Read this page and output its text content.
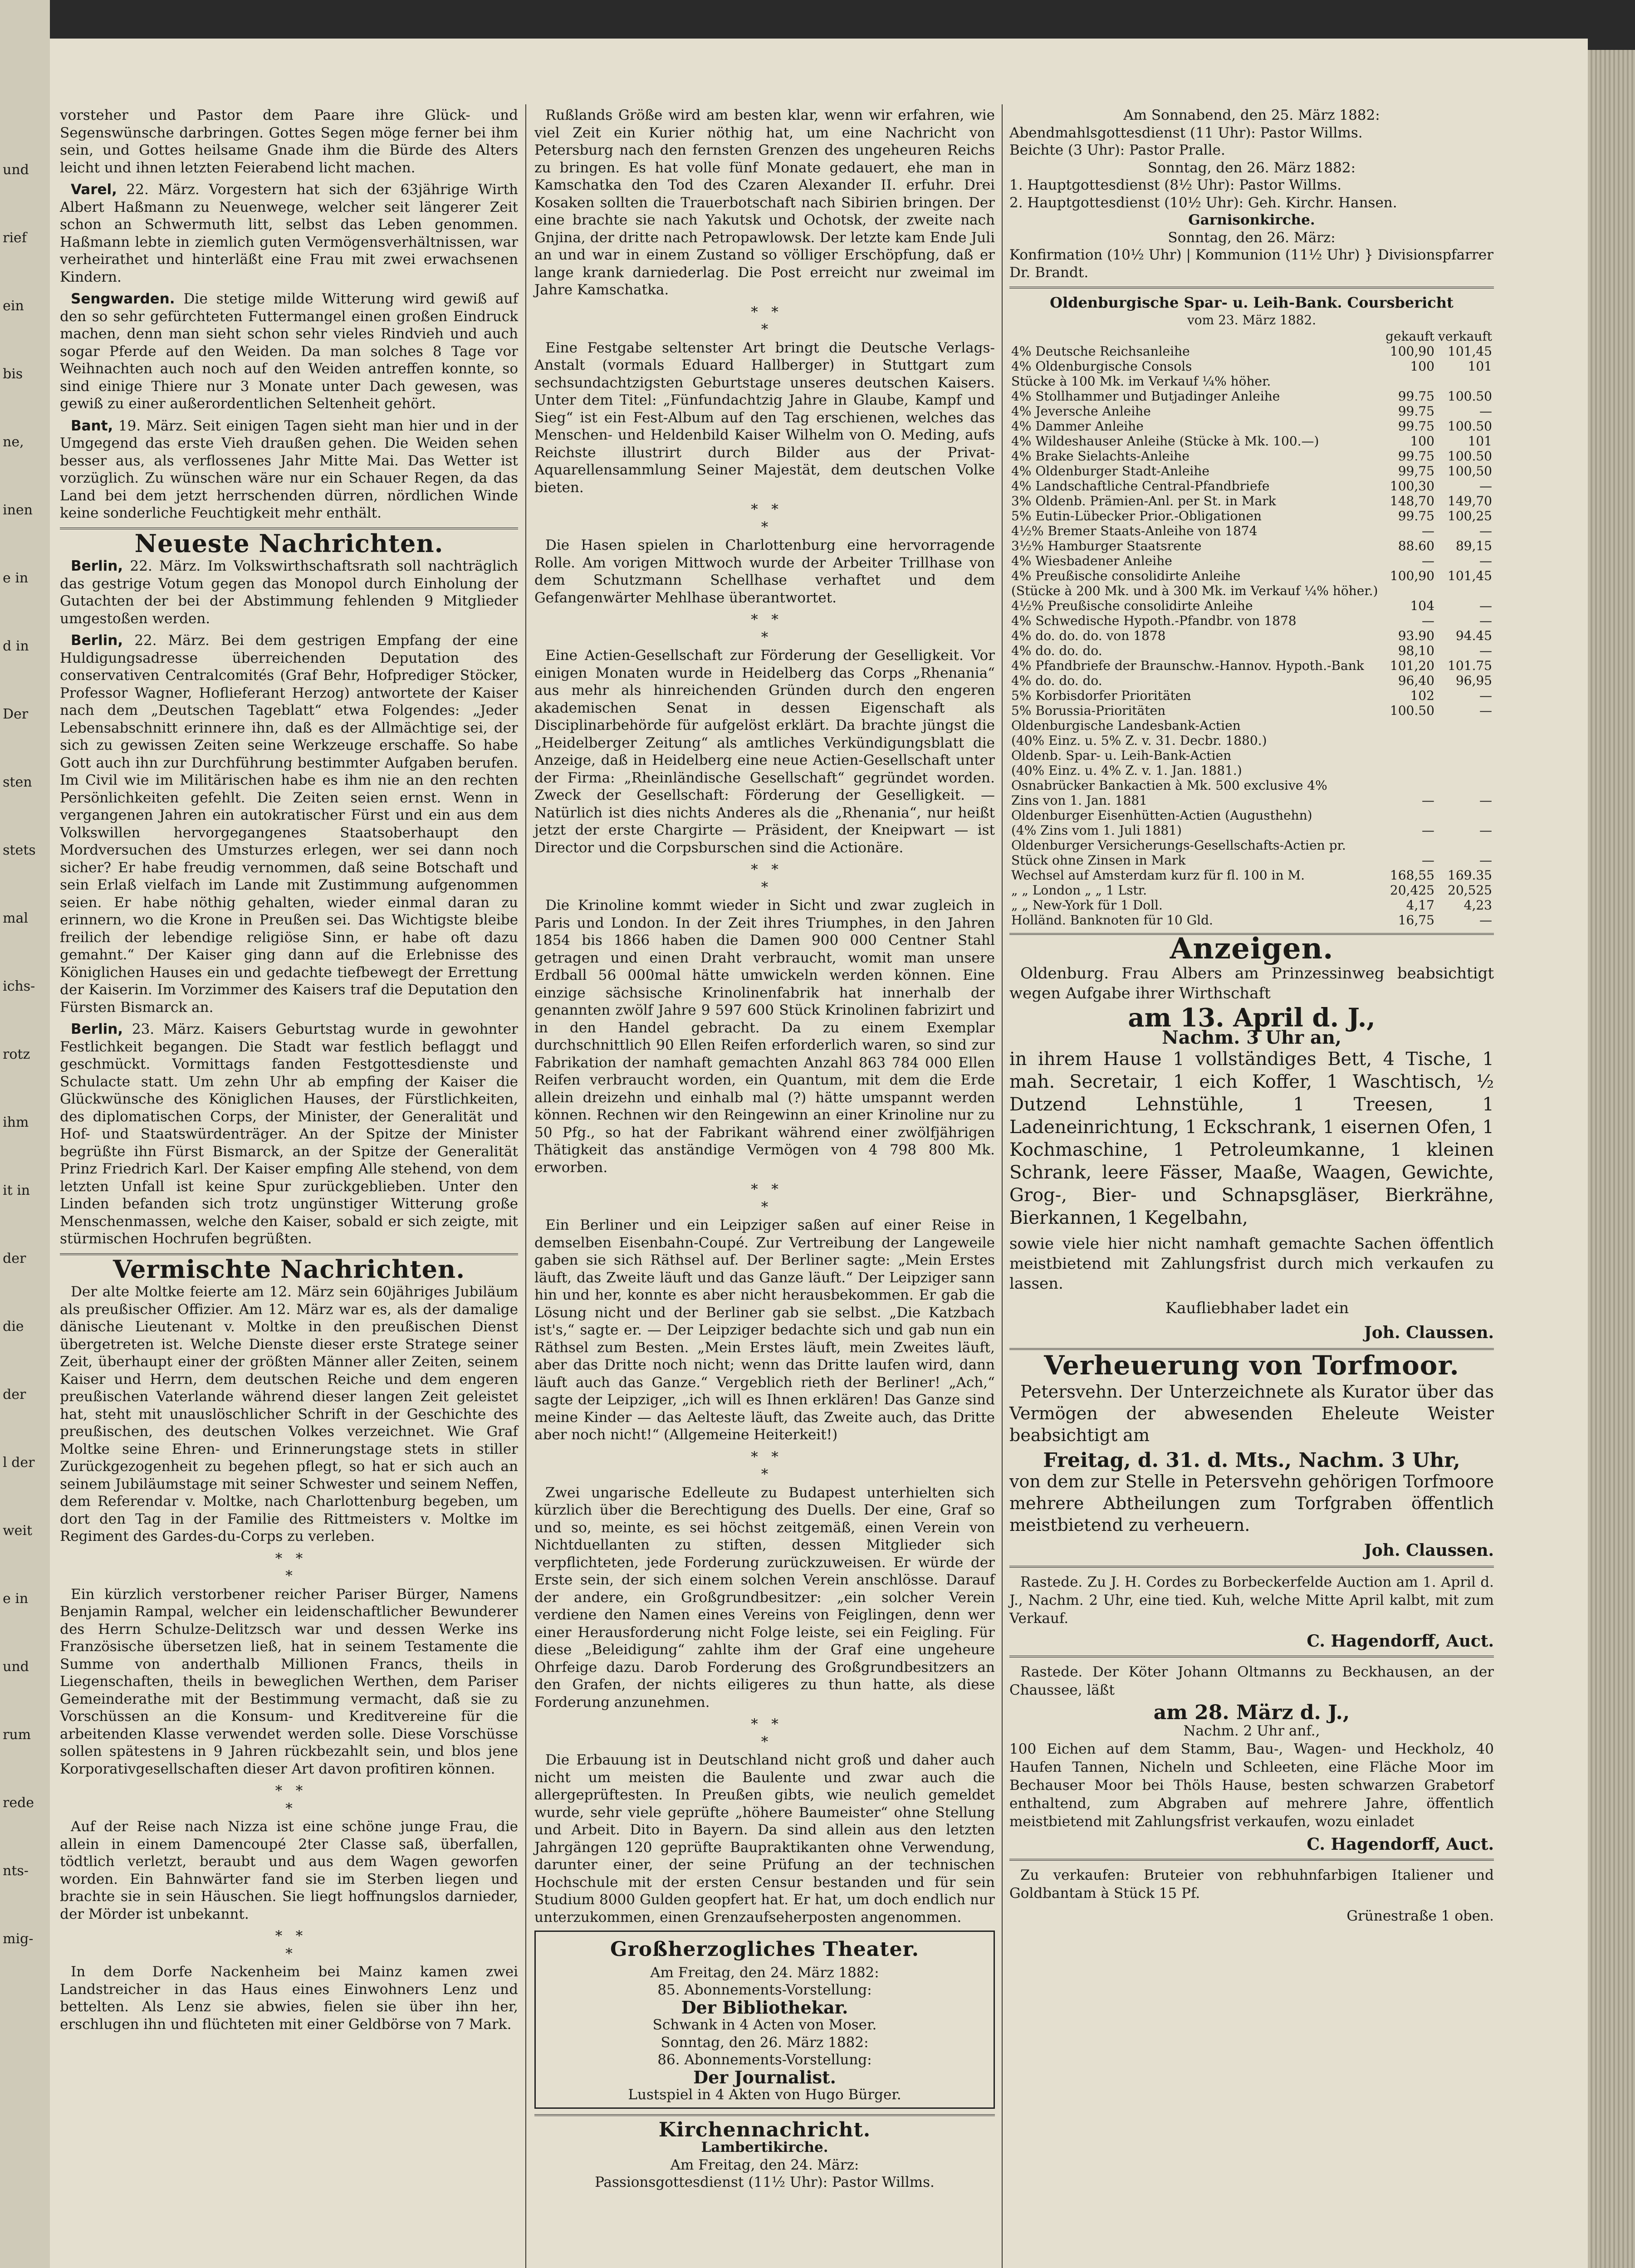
und

rief

ein

bis

ne,

inen

e in

d in

Der

sten

stets

mal

ichs-

rotz

ihm

it in

der

die

der

l der

weit

e in

und

rum

rede

nts-

mig-

vorsteher und Pastor dem Paare ihre Glück- und Segenswünsche darbringen. Gottes Segen möge ferner bei ihm sein, und Gottes heilsame Gnade ihm die Bürde des Alters leicht und ihnen letzten Feierabend licht machen.

Varel, 22. März. Vorgestern hat sich der 63jährige Wirth Albert Haßmann zu Neuenwege, welcher seit längerer Zeit schon an Schwermuth litt, selbst das Leben genommen. Haßmann lebte in ziemlich guten Vermögensverhältnissen, war verheirathet und hinterläßt eine Frau mit zwei erwachsenen Kindern.

Sengwarden. Die stetige milde Witterung wird gewiß auf den so sehr gefürchteten Futtermangel einen großen Eindruck machen, denn man sieht schon sehr vieles Rindvieh und auch sogar Pferde auf den Weiden. Da man solches 8 Tage vor Weihnachten auch noch auf den Weiden antreffen konnte, so sind einige Thiere nur 3 Monate unter Dach gewesen, was gewiß zu einer außerordentlichen Seltenheit gehört.

Bant, 19. März. Seit einigen Tagen sieht man hier und in der Umgegend das erste Vieh draußen gehen. Die Weiden sehen besser aus, als verflossenes Jahr Mitte Mai. Das Wetter ist vorzüglich. Zu wünschen wäre nur ein Schauer Regen, da das Land bei dem jetzt herrschenden dürren, nördlichen Winde keine sonderliche Feuchtigkeit mehr enthält.

Neueste Nachrichten.

Berlin, 22. März. Im Volkswirthschaftsrath soll nachträglich das gestrige Votum gegen das Monopol durch Einholung der Gutachten der bei der Abstimmung fehlenden 9 Mitglieder umgestoßen werden.

Berlin, 22. März. Bei dem gestrigen Empfang der eine Huldigungsadresse überreichenden Deputation des conservativen Centralcomités (Graf Behr, Hofprediger Stöcker, Professor Wagner, Hoflieferant Herzog) antwortete der Kaiser nach dem „Deutschen Tageblatt“ etwa Folgendes: „Jeder Lebensabschnitt erinnere ihn, daß es der Allmächtige sei, der sich zu gewissen Zeiten seine Werkzeuge erschaffe. So habe Gott auch ihn zur Durchführung bestimmter Aufgaben berufen. Im Civil wie im Militärischen habe es ihm nie an den rechten Persönlichkeiten gefehlt. Die Zeiten seien ernst. Wenn in vergangenen Jahren ein autokratischer Fürst und ein aus dem Volkswillen hervorgegangenes Staatsoberhaupt den Mordversuchen des Umsturzes erlegen, wer sei dann noch sicher? Er habe freudig vernommen, daß seine Botschaft und sein Erlaß vielfach im Lande mit Zustimmung aufgenommen seien. Er habe nöthig gehalten, wieder einmal daran zu erinnern, wo die Krone in Preußen sei. Das Wichtigste bleibe freilich der lebendige religiöse Sinn, er habe oft dazu gemahnt.“ Der Kaiser ging dann auf die Erlebnisse des Königlichen Hauses ein und gedachte tiefbewegt der Errettung der Kaiserin. Im Vorzimmer des Kaisers traf die Deputation den Fürsten Bismarck an.

Berlin, 23. März. Kaisers Geburtstag wurde in gewohnter Festlichkeit begangen. Die Stadt war festlich beflaggt und geschmückt. Vormittags fanden Festgottesdienste und Schulacte statt. Um zehn Uhr ab empfing der Kaiser die Glückwünsche des Königlichen Hauses, der Fürstlichkeiten, des diplomatischen Corps, der Minister, der Generalität und Hof- und Staatswürdenträger. An der Spitze der Minister begrüßte ihn Fürst Bismarck, an der Spitze der Generalität Prinz Friedrich Karl. Der Kaiser empfing Alle stehend, von dem letzten Unfall ist keine Spur zurückgeblieben. Unter den Linden befanden sich trotz ungünstiger Witterung große Menschenmassen, welche den Kaiser, sobald er sich zeigte, mit stürmischen Hochrufen begrüßten.

Vermischte Nachrichten.

Der alte Moltke feierte am 12. März sein 60jähriges Jubiläum als preußischer Offizier. Am 12. März war es, als der damalige dänische Lieutenant v. Moltke in den preußischen Dienst übergetreten ist. Welche Dienste dieser erste Stratege seiner Zeit, überhaupt einer der größten Männer aller Zeiten, seinem Kaiser und Herrn, dem deutschen Reiche und dem engeren preußischen Vaterlande während dieser langen Zeit geleistet hat, steht mit unauslöschlicher Schrift in der Geschichte des preußischen, des deutschen Volkes verzeichnet. Wie Graf Moltke seine Ehren- und Erinnerungstage stets in stiller Zurückgezogenheit zu begehen pflegt, so hat er sich auch an seinem Jubiläumstage mit seiner Schwester und seinem Neffen, dem Referendar v. Moltke, nach Charlottenburg begeben, um dort den Tag in der Familie des Rittmeisters v. Moltke im Regiment des Gardes-du-Corps zu verleben.

*   *
*

Ein kürzlich verstorbener reicher Pariser Bürger, Namens Benjamin Rampal, welcher ein leidenschaftlicher Bewunderer des Herrn Schulze-Delitzsch war und dessen Werke ins Französische übersetzen ließ, hat in seinem Testamente die Summe von anderthalb Millionen Francs, theils in Liegenschaften, theils in beweglichen Werthen, dem Pariser Gemeinderathe mit der Bestimmung vermacht, daß sie zu Vorschüssen an die Konsum- und Kreditvereine für die arbeitenden Klasse verwendet werden solle. Diese Vorschüsse sollen spätestens in 9 Jahren rückbezahlt sein, und blos jene Korporativgesellschaften dieser Art davon profitiren können.

*   *
*

Auf der Reise nach Nizza ist eine schöne junge Frau, die allein in einem Damencoupé 2ter Classe saß, überfallen, tödtlich verletzt, beraubt und aus dem Wagen geworfen worden. Ein Bahnwärter fand sie im Sterben liegen und brachte sie in sein Häuschen. Sie liegt hoffnungslos darnieder, der Mörder ist unbekannt.

*   *
*

In dem Dorfe Nackenheim bei Mainz kamen zwei Landstreicher in das Haus eines Einwohners Lenz und bettelten. Als Lenz sie abwies, fielen sie über ihn her, erschlugen ihn und flüchteten mit einer Geldbörse von 7 Mark.

Rußlands Größe wird am besten klar, wenn wir erfahren, wie viel Zeit ein Kurier nöthig hat, um eine Nachricht von Petersburg nach den fernsten Grenzen des ungeheuren Reichs zu bringen. Es hat volle fünf Monate gedauert, ehe man in Kamschatka den Tod des Czaren Alexander II. erfuhr. Drei Kosaken sollten die Trauerbotschaft nach Sibirien bringen. Der eine brachte sie nach Yakutsk und Ochotsk, der zweite nach Gnjina, der dritte nach Petropawlowsk. Der letzte kam Ende Juli an und war in einem Zustand so völliger Erschöpfung, daß er lange krank darniederlag. Die Post erreicht nur zweimal im Jahre Kamschatka.

*   *
*

Eine Festgabe seltenster Art bringt die Deutsche Verlags-Anstalt (vormals Eduard Hallberger) in Stuttgart zum sechsundachtzigsten Geburtstage unseres deutschen Kaisers. Unter dem Titel: „Fünfundachtzig Jahre in Glaube, Kampf und Sieg“ ist ein Fest-Album auf den Tag erschienen, welches das Menschen- und Heldenbild Kaiser Wilhelm von O. Meding, aufs Reichste illustrirt durch Bilder aus der Privat-Aquarellensammlung Seiner Majestät, dem deutschen Volke bieten.

*   *
*

Die Hasen spielen in Charlottenburg eine hervorragende Rolle. Am vorigen Mittwoch wurde der Arbeiter Trillhase von dem Schutzmann Schellhase verhaftet und dem Gefangenwärter Mehlhase überantwortet.

*   *
*

Eine Actien-Gesellschaft zur Förderung der Geselligkeit. Vor einigen Monaten wurde in Heidelberg das Corps „Rhenania“ aus mehr als hinreichenden Gründen durch den engeren akademischen Senat in dessen Eigenschaft als Disciplinarbehörde für aufgelöst erklärt. Da brachte jüngst die „Heidelberger Zeitung“ als amtliches Verkündigungsblatt die Anzeige, daß in Heidelberg eine neue Actien-Gesellschaft unter der Firma: „Rheinländische Gesellschaft“ gegründet worden. Zweck der Gesellschaft: Förderung der Geselligkeit. — Natürlich ist dies nichts Anderes als die „Rhenania“, nur heißt jetzt der erste Chargirte — Präsident, der Kneipwart — ist Director und die Corpsburschen sind die Actionäre.

*   *
*

Die Krinoline kommt wieder in Sicht und zwar zugleich in Paris und London. In der Zeit ihres Triumphes, in den Jahren 1854 bis 1866 haben die Damen 900 000 Centner Stahl getragen und einen Draht verbraucht, womit man unsere Erdball 56 000mal hätte umwickeln werden können. Eine einzige sächsische Krinolinenfabrik hat innerhalb der genannten zwölf Jahre 9 597 600 Stück Krinolinen fabrizirt und in den Handel gebracht. Da zu einem Exemplar durchschnittlich 90 Ellen Reifen erforderlich waren, so sind zur Fabrikation der namhaft gemachten Anzahl 863 784 000 Ellen Reifen verbraucht worden, ein Quantum, mit dem die Erde allein dreizehn und einhalb mal (?) hätte umspannt werden können. Rechnen wir den Reingewinn an einer Krinoline nur zu 50 Pfg., so hat der Fabrikant während einer zwölfjährigen Thätigkeit das anständige Vermögen von 4 798 800 Mk. erworben.

*   *
*

Ein Berliner und ein Leipziger saßen auf einer Reise in demselben Eisenbahn-Coupé. Zur Vertreibung der Langeweile gaben sie sich Räthsel auf. Der Berliner sagte: „Mein Erstes läuft, das Zweite läuft und das Ganze läuft.“ Der Leipziger sann hin und her, konnte es aber nicht herausbekommen. Er gab die Lösung nicht und der Berliner gab sie selbst. „Die Katzbach ist's,“ sagte er. — Der Leipziger bedachte sich und gab nun ein Räthsel zum Besten. „Mein Erstes läuft, mein Zweites läuft, aber das Dritte noch nicht; wenn das Dritte laufen wird, dann läuft auch das Ganze.“ Vergeblich rieth der Berliner! „Ach,“ sagte der Leipziger, „ich will es Ihnen erklären! Das Ganze sind meine Kinder — das Aelteste läuft, das Zweite auch, das Dritte aber noch nicht!“ (Allgemeine Heiterkeit!)

*   *
*

Zwei ungarische Edelleute zu Budapest unterhielten sich kürzlich über die Berechtigung des Duells. Der eine, Graf so und so, meinte, es sei höchst zeitgemäß, einen Verein von Nichtduellanten zu stiften, dessen Mitglieder sich verpflichteten, jede Forderung zurückzuweisen. Er würde der Erste sein, der sich einem solchen Verein anschlösse. Darauf der andere, ein Großgrundbesitzer: „ein solcher Verein verdiene den Namen eines Vereins von Feiglingen, denn wer einer Herausforderung nicht Folge leiste, sei ein Feigling. Für diese „Beleidigung“ zahlte ihm der Graf eine ungeheure Ohrfeige dazu. Darob Forderung des Großgrundbesitzers an den Grafen, der nichts eiligeres zu thun hatte, als diese Forderung anzunehmen.

*   *
*

Die Erbauung ist in Deutschland nicht groß und daher auch nicht um meisten die Baulente und zwar auch die allergeprüftesten. In Preußen gibts, wie neulich gemeldet wurde, sehr viele geprüfte „höhere Baumeister“ ohne Stellung und Arbeit. Dito in Bayern. Da sind allein aus den letzten Jahrgängen 120 geprüfte Baupraktikanten ohne Verwendung, darunter einer, der seine Prüfung an der technischen Hochschule mit der ersten Censur bestanden und für sein Studium 8000 Gulden geopfert hat. Er hat, um doch endlich nur unterzukommen, einen Grenzaufseherposten angenommen.

Großherzogliches Theater.
Am Freitag, den 24. März 1882:
85. Abonnements-Vorstellung:
Der Bibliothekar.
Schwank in 4 Acten von Moser.
Sonntag, den 26. März 1882:
86. Abonnements-Vorstellung:
Der Journalist.
Lustspiel in 4 Akten von Hugo Bürger.
Kirchennachricht.
Lambertikirche.
Am Freitag, den 24. März:
Passionsgottesdienst (11½ Uhr): Pastor Willms.
Am Sonnabend, den 25. März 1882:
Abendmahlsgottesdienst (11 Uhr): Pastor Willms.
Beichte (3 Uhr): Pastor Pralle.
Sonntag, den 26. März 1882:
1. Hauptgottesdienst (8½ Uhr): Pastor Willms.
2. Hauptgottesdienst (10½ Uhr): Geh. Kirchr. Hansen.
Garnisonkirche.
Sonntag, den 26. März:
Konfirmation (10½ Uhr) | Kommunion (11½ Uhr) } Divisionspfarrer Dr. Brandt.
Oldenburgische Spar- u. Leih-Bank. Coursbericht
vom 23. März 1882.
	gekauft	verkauft
4% Deutsche Reichsanleihe	100,90	101,45
4% Oldenburgische Consols	100	101
Stücke à 100 Mk. im Verkauf ¼% höher.		
4% Stollhammer und Butjadinger Anleihe	99.75	100.50
4% Jeversche Anleihe	99.75	—
4% Dammer Anleihe	99.75	100.50
4% Wildeshauser Anleihe (Stücke à Mk. 100.—)	100	101
4% Brake Sielachts-Anleihe	99.75	100.50
4% Oldenburger Stadt-Anleihe	99,75	100,50
4% Landschaftliche Central-Pfandbriefe	100,30	—
3% Oldenb. Prämien-Anl. per St. in Mark	148,70	149,70
5% Eutin-Lübecker Prior.-Obligationen	99.75	100,25
4½% Bremer Staats-Anleihe von 1874	—	—
3½% Hamburger Staatsrente	88.60	89,15
4% Wiesbadener Anleihe	—	—
4% Preußische consolidirte Anleihe	100,90	101,45
(Stücke à 200 Mk. und à 300 Mk. im Verkauf ¼% höher.)		
4½% Preußische consolidirte Anleihe	104	—
4% Schwedische Hypoth.-Pfandbr. von 1878	—	—
4% do. do. do. von 1878	93.90	94.45
4% do. do. do.	98,10	—
4% Pfandbriefe der Braunschw.-Hannov. Hypoth.-Bank	101,20	101.75
4% do. do. do.	96,40	96,95
5% Korbisdorfer Prioritäten	102	—
5% Borussia-Prioritäten	100.50	—
Oldenburgische Landesbank-Actien		
(40% Einz. u. 5% Z. v. 31. Decbr. 1880.)		
Oldenb. Spar- u. Leih-Bank-Actien		
(40% Einz. u. 4% Z. v. 1. Jan. 1881.)		
Osnabrücker Bankactien à Mk. 500 exclusive 4%		
Zins von 1. Jan. 1881	—	—
Oldenburger Eisenhütten-Actien (Augusthehn)		
(4% Zins vom 1. Juli 1881)	—	—
Oldenburger Versicherungs-Gesellschafts-Actien pr.		
Stück ohne Zinsen in Mark	—	—
Wechsel auf Amsterdam kurz für fl. 100 in M.	168,55	169.35
„ „ London „ „ 1 Lstr.	20,425	20,525
„ „ New-York für 1 Doll.	4,17	4,23
Holländ. Banknoten für 10 Gld.	16,75	—
Anzeigen.

Oldenburg. Frau Albers am Prinzessinweg beabsichtigt wegen Aufgabe ihrer Wirthschaft

am 13. April d. J.,
Nachm. 3 Uhr an,

in ihrem Hause 1 vollständiges Bett, 4 Tische, 1 mah. Secretair, 1 eich Koffer, 1 Waschtisch, ½ Dutzend Lehnstühle, 1 Treesen, 1 Ladeneinrichtung, 1 Eckschrank, 1 eisernen Ofen, 1 Kochmaschine, 1 Petroleumkanne, 1 kleinen Schrank, leere Fässer, Maaße, Waagen, Gewichte, Grog-, Bier- und Schnapsgläser, Bierkrähne, Bierkannen, 1 Kegelbahn,

sowie viele hier nicht namhaft gemachte Sachen öffentlich meistbietend mit Zahlungsfrist durch mich verkaufen zu lassen.

Kaufliebhaber ladet ein

Joh. Claussen.
Verheuerung von Torfmoor.

Petersvehn. Der Unterzeichnete als Kurator über das Vermögen der abwesenden Eheleute Weister beabsichtigt am

Freitag, d. 31. d. Mts., Nachm. 3 Uhr,

von dem zur Stelle in Petersvehn gehörigen Torfmoore mehrere Abtheilungen zum Torfgraben öffentlich meistbietend zu verheuern.

Joh. Claussen.

Rastede. Zu J. H. Cordes zu Borbeckerfelde Auction am 1. April d. J., Nachm. 2 Uhr, eine tied. Kuh, welche Mitte April kalbt, mit zum Verkauf.

C. Hagendorff, Auct.

Rastede. Der Köter Johann Oltmanns zu Beckhausen, an der Chaussee, läßt

am 28. März d. J.,
Nachm. 2 Uhr anf.,

100 Eichen auf dem Stamm, Bau-, Wagen- und Heckholz, 40 Haufen Tannen, Nicheln und Schleeten, eine Fläche Moor im Bechauser Moor bei Thöls Hause, besten schwarzen Grabetorf enthaltend, zum Abgraben auf mehrere Jahre, öffentlich meistbietend mit Zahlungsfrist verkaufen, wozu einladet

C. Hagendorff, Auct.

Zu verkaufen: Bruteier von rebhuhnfarbigen Italiener und Goldbantam à Stück 15 Pf.

Grünestraße 1 oben.
